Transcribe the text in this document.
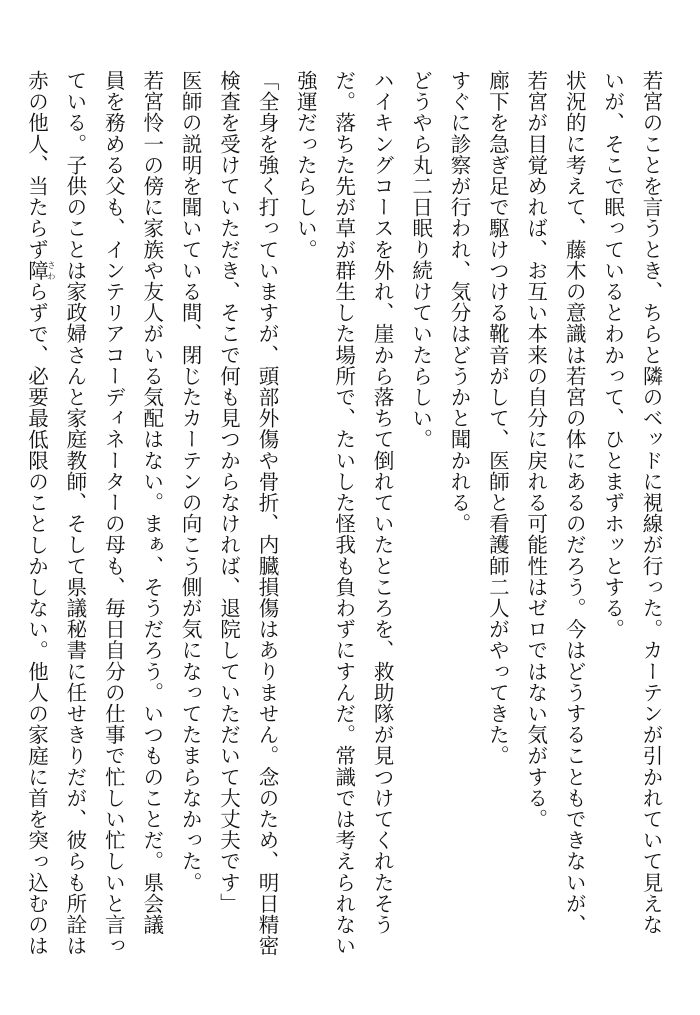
若宮のことを言うとき、ちらと隣のベッドに視線が行った。カーテンが引かれていて見えな
いが、そこで眠っているとわかって、ひとまずホッとする。
状況的に考えて、藤木の意識は若宮の体にあるのだろう。今はどうすることもできないが、
若宮が目覚めれば、お互い本来の自分に戻れる可能性はゼロではない気がする。
廊下を急ぎ足で駆けつける靴音がして、医師と看護師二人がやってきた。
すぐに診察が行われ、気分はどうかと聞かれる。
どうやら丸二日眠り続けていたらしい。
ハイキングコースを外れ、崖から落ちて倒れていたところを、救助隊が見つけてくれたそう
だ。落ちた先が草が群生した場所で、たいした怪我も負わずにすんだ。常識では考えられない
強運だったらしい。
「全身を強く打っていますが、頭部外傷や骨折、内臓損傷はありません。念のため、明日精密
検査を受けていただき、そこで何も見つからなければ、退院していただいて大丈夫です」
医師の説明を聞いている間、閉じたカーテンの向こう側が気になってたまらなかった。
若宮怜一の傍に家族や友人がいる気配はない。まぁ、そうだろう。いつものことだ。県会議
員を務める父も、インテリアコーディネーターの母も、毎日自分の仕事で忙しい忙しいと言っ
ている。子供のことは家政婦さんと家庭教師、そして県議秘書に任せきりだが、彼らも所詮は
赤の他人、当たらず障さわらずで、必要最低限のことしかしない。他人の家庭に首を突っ込むのは
